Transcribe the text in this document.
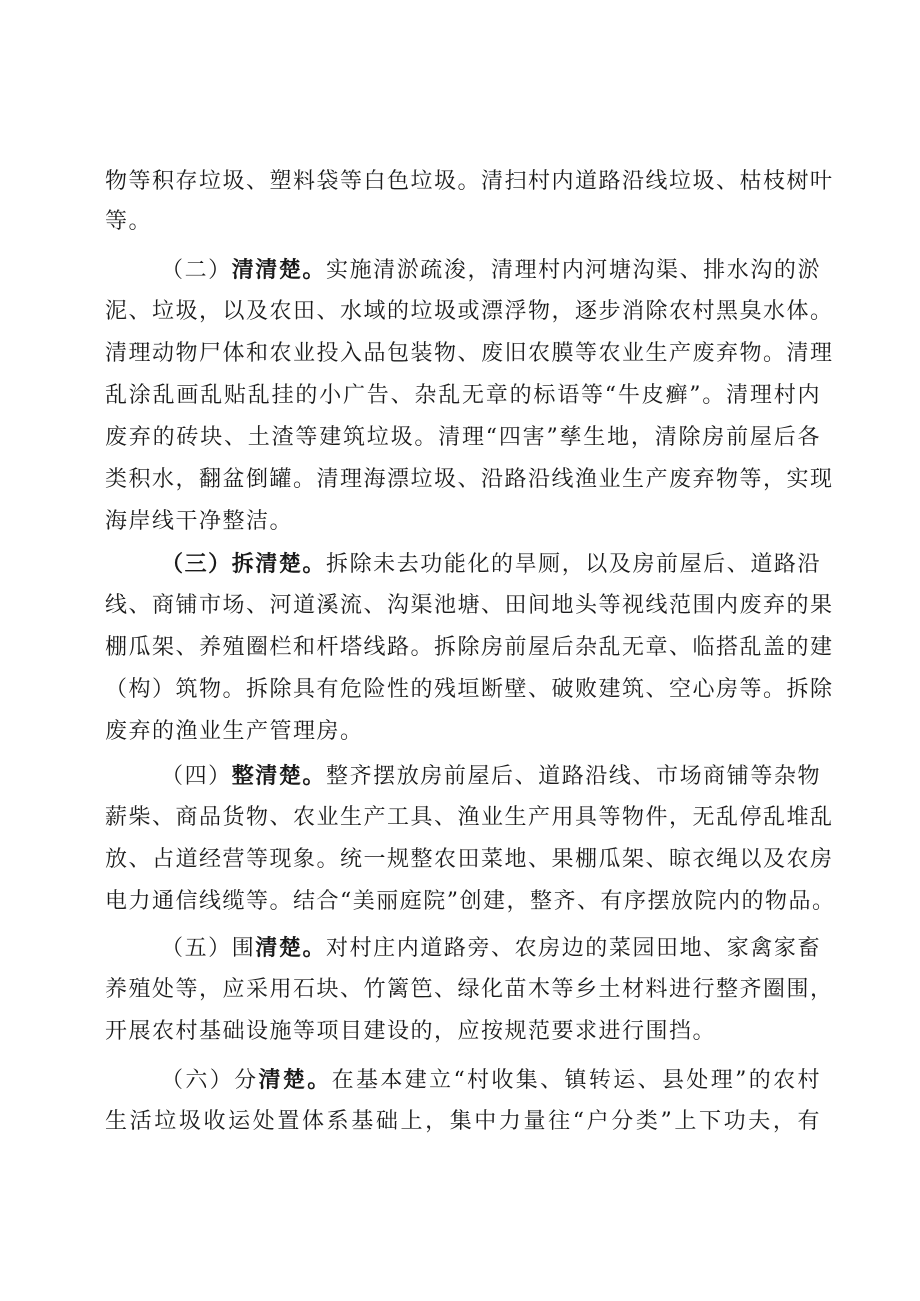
物等积存垃圾、塑料袋等白色垃圾。清扫村内道路沿线垃圾、枯枝树叶
等。
（二）清清楚。实施清淤疏浚，清理村内河塘沟渠、排水沟的淤
泥、垃圾，以及农田、水域的垃圾或漂浮物，逐步消除农村黑臭水体。
清理动物尸体和农业投入品包装物、废旧农膜等农业生产废弃物。清理
乱涂乱画乱贴乱挂的小广告、杂乱无章的标语等“牛皮癣”。清理村内
废弃的砖块、土渣等建筑垃圾。清理“四害”孳生地，清除房前屋后各
类积水，翻盆倒罐。清理海漂垃圾、沿路沿线渔业生产废弃物等，实现
海岸线干净整洁。
（三）拆清楚。拆除未去功能化的旱厕，以及房前屋后、道路沿
线、商铺市场、河道溪流、沟渠池塘、田间地头等视线范围内废弃的果
棚瓜架、养殖圈栏和杆塔线路。拆除房前屋后杂乱无章、临搭乱盖的建
（构）筑物。拆除具有危险性的残垣断壁、破败建筑、空心房等。拆除
废弃的渔业生产管理房。
（四）整清楚。整齐摆放房前屋后、道路沿线、市场商铺等杂物
薪柴、商品货物、农业生产工具、渔业生产用具等物件，无乱停乱堆乱
放、占道经营等现象。统一规整农田菜地、果棚瓜架、晾衣绳以及农房
电力通信线缆等。结合“美丽庭院”创建，整齐、有序摆放院内的物品。
（五）围清楚。对村庄内道路旁、农房边的菜园田地、家禽家畜
养殖处等，应采用石块、竹篱笆、绿化苗木等乡土材料进行整齐圈围，
开展农村基础设施等项目建设的，应按规范要求进行围挡。
（六）分清楚。在基本建立“村收集、镇转运、县处理”的农村
生活垃圾收运处置体系基础上，集中力量往“户分类”上下功夫，有
